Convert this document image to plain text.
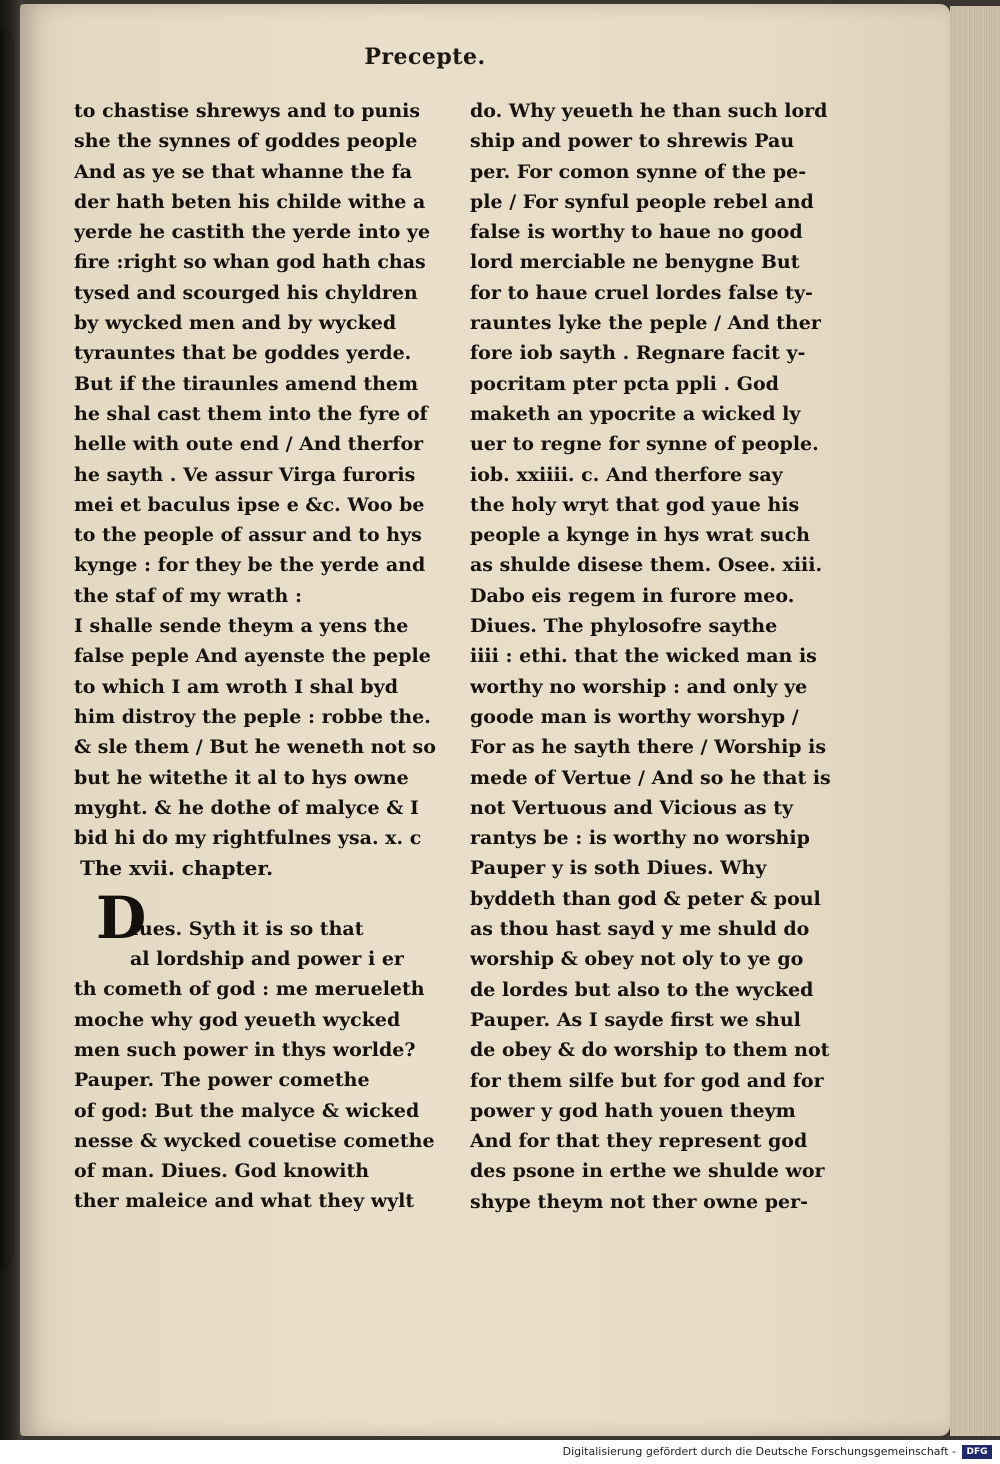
Precepte.
to chastise shrewys and to punis
she the synnes of goddes people
And as ye se that whanne the fa
der hath beten his childe withe a
yerde he castith the yerde into ye
fire :right so whan god hath chas
tysed and scourged his chyldren
by wycked men and by wycked
tyrauntes that be goddes yerde.
But if the tiraunles amend them
he shal cast them into the fyre of
helle with oute end / And therfor
he sayth . Ve assur Virga furoris
mei et baculus ipse e &c. Woo be
to the people of assur and to hys
kynge : for they be the yerde and
the staf of my wrath :
I shalle sende theym a yens the
false peple And ayenste the peple
to which I am wroth I shal byd
him distroy the peple : robbe the.
& sle them / But he weneth not so
but he witethe it al to hys owne
myght. & he dothe of malyce & I
bid hi do my rightfulnes ysa. x. c
The xvii. chapter.
D
Iues. Syth it is so that
al lordship and power i er
th cometh of god : me merueleth
moche why god yeueth wycked
men such power in thys worlde?
Pauper. The power comethe
of god: But the malyce & wicked
nesse & wycked couetise comethe
of man. Diues. God knowith
ther maleice and what they wylt
do. Why yeueth he than such lord
ship and power to shrewis Pau
per. For comon synne of the pe-
ple / For synful people rebel and
false is worthy to haue no good
lord merciable ne benygne But
for to haue cruel lordes false ty-
rauntes lyke the peple / And ther
fore iob sayth . Regnare facit y-
pocritam pter pcta ppli . God
maketh an ypocrite a wicked ly
uer to regne for synne of people.
iob. xxiiii. c. And therfore say
the holy wryt that god yaue his
people a kynge in hys wrat such
as shulde disese them. Osee. xiii.
Dabo eis regem in furore meo.
Diues. The phylosofre saythe
iiii : ethi. that the wicked man is
worthy no worship : and only ye
goode man is worthy worshyp /
For as he sayth there / Worship is
mede of Vertue / And so he that is
not Vertuous and Vicious as ty
rantys be : is worthy no worship
Pauper y is soth Diues. Why
byddeth than god & peter & poul
as thou hast sayd y me shuld do
worship & obey not oly to ye go
de lordes but also to the wycked
Pauper. As I sayde first we shul
de obey & do worship to them not
for them silfe but for god and for
power y god hath youen theym
And for that they represent god
des psone in erthe we shulde wor
shype theym not ther owne per-
Digitalisierung gefördert durch die Deutsche Forschungsgemeinschaft -	DFG
